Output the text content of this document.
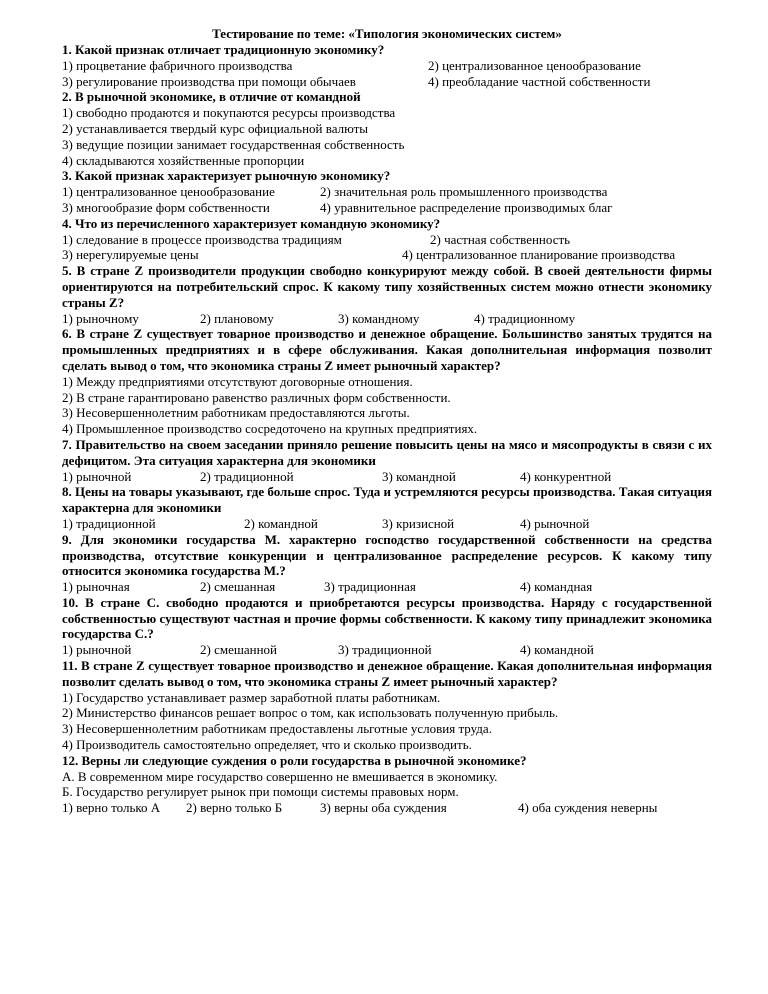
Тестирование по теме: «Типология экономических систем»
1. Какой признак отличает традиционную экономику?
1) процветание фабричного производства	2) централизованное ценообразование
3) регулирование производства при помощи обычаев	4) преобладание частной собственности
2. В рыночной экономике, в отличие от командной
1) свободно продаются и покупаются ресурсы производства
2) устанавливается твердый курс официальной валюты
3) ведущие позиции занимает государственная собственность
4) складываются хозяйственные пропорции
3. Какой признак характеризует рыночную экономику?
1) централизованное ценообразование	2) значительная роль промышленного производства
3) многообразие форм собственности	4) уравнительное распределение производимых благ
4. Что из перечисленного характеризует командную экономику?
1) следование в процессе производства традициям	2) частная собственность
3) нерегулируемые цены	4) централизованное планирование производства
5. В стране Z производители продукции свободно конкурируют между собой. В своей деятельности фирмы ориентируются на потребительский спрос. К какому типу хозяйственных систем можно отнести экономику страны Z?
1) рыночному	2) плановому	3) командному	4) традиционному
6. В стране Z существует товарное производство и денежное обращение. Большинство занятых трудятся на промышленных предприятиях и в сфере обслуживания. Какая дополнительная информация позволит сделать вывод о том, что экономика страны Z имеет рыночный характер?
1) Между предприятиями отсутствуют договорные отношения.
2) В стране гарантировано равенство различных форм собственности.
3) Несовершеннолетним работникам предоставляются льготы.
4) Промышленное производство сосредоточено на крупных предприятиях.
7. Правительство на своем заседании приняло решение повысить цены на мясо и мясопродукты в связи с их дефицитом. Эта ситуация характерна для экономики
1) рыночной	2) традиционной	3) командной	4) конкурентной
8. Цены на товары указывают, где больше спрос. Туда и устремляются ресурсы производства. Такая ситуация характерна для экономики
1) традиционной	2) командной	3) кризисной	4) рыночной
9. Для экономики государства М. характерно господство государственной собственности на средства производства, отсутствие конкуренции и централизованное распределение ресурсов. К какому типу относится экономика государства М.?
1) рыночная	2) смешанная	3) традиционная	4) командная
10. В стране С. свободно продаются и приобретаются ресурсы производства. Наряду с государственной собственностью существуют частная и прочие формы собственности. К какому типу принадлежит экономика государства С.?
1) рыночной	2) смешанной	3) традиционной	4) командной
11. В стране Z существует товарное производство и денежное обращение. Какая дополнительная информация позволит сделать вывод о том, что экономика страны Z имеет рыночный характер?
1) Государство устанавливает размер заработной платы работникам.
2) Министерство финансов решает вопрос о том, как использовать полученную прибыль.
3) Несовершеннолетним работникам предоставлены льготные условия труда.
4) Производитель самостоятельно определяет, что и сколько производить.
12. Верны ли следующие суждения о роли государства в рыночной экономике?
А. В современном мире государство совершенно не вмешивается в экономику.
Б. Государство регулирует рынок при помощи системы правовых норм.
1) верно только А 2) верно только Б	3) верны оба суждения	4) оба суждения неверны
